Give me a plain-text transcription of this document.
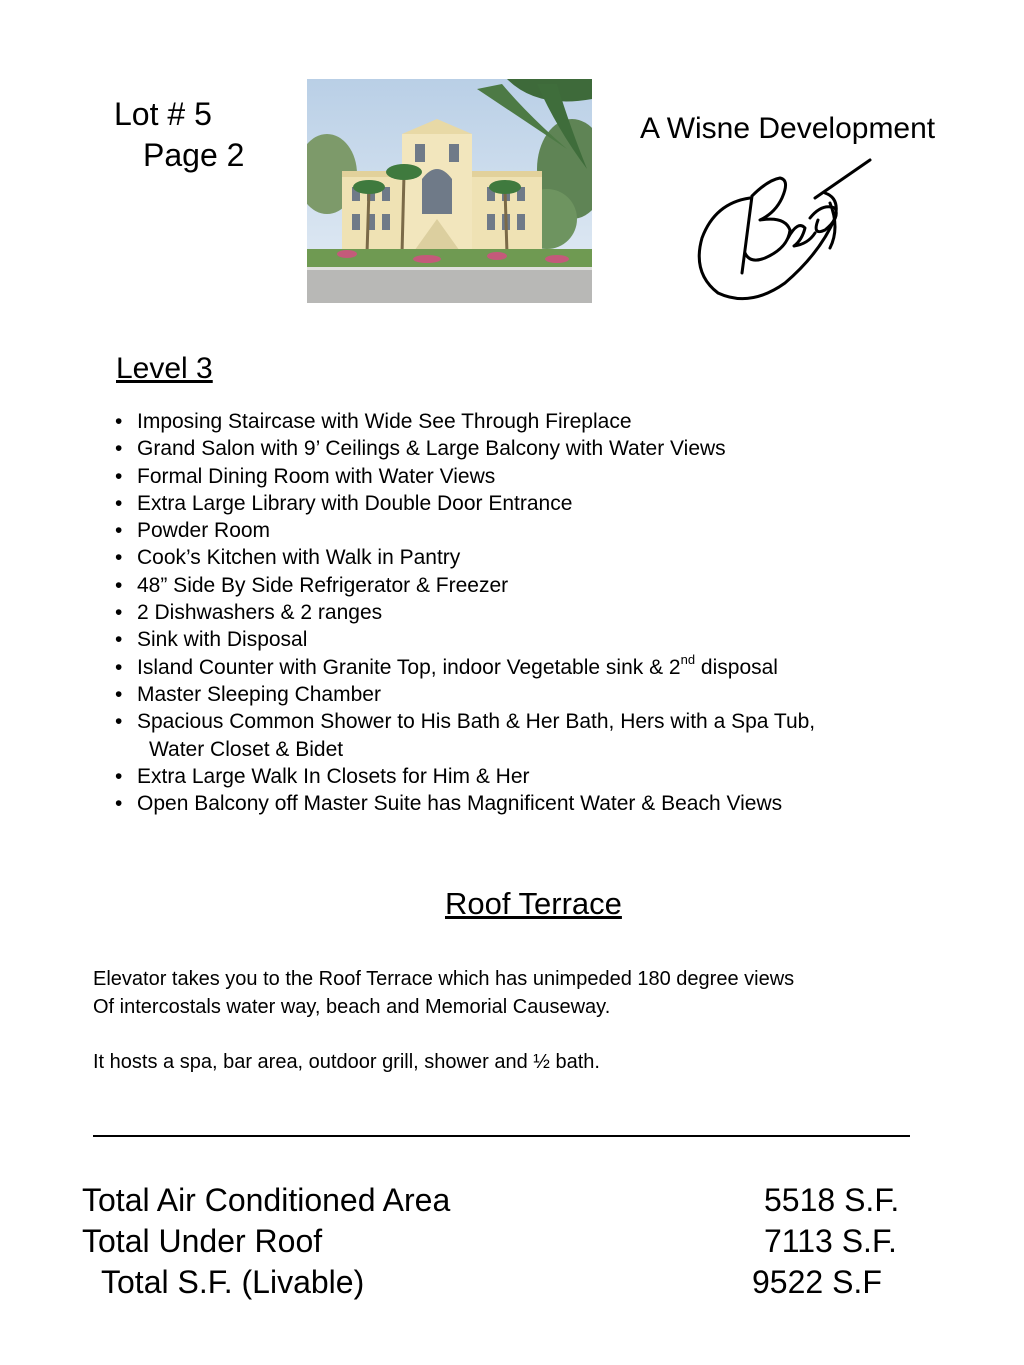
Lot # 5
Page 2
A Wisne Development
Level 3
• Imposing Staircase with Wide See Through Fireplace
• Grand Salon with 9’ Ceilings & Large Balcony with Water Views
• Formal Dining Room with Water Views
• Extra Large Library with Double Door Entrance
• Powder Room
• Cook’s Kitchen with Walk in Pantry
• 48” Side By Side Refrigerator & Freezer
• 2 Dishwashers & 2 ranges
• Sink with Disposal
• Island Counter with Granite Top, indoor Vegetable sink & 2nd disposal
• Master Sleeping Chamber
• Spacious Common Shower to His Bath & Her Bath, Hers with a Spa Tub,
Water Closet & Bidet
• Extra Large Walk In Closets for Him & Her
• Open Balcony off Master Suite has Magnificent Water & Beach Views
Roof Terrace

Elevator takes you to the Roof Terrace which has unimpeded 180 degree views

Of intercostals water way, beach and Memorial Causeway.

It hosts a spa, bar area, outdoor grill, shower and ½ bath.

Total Air Conditioned Area	5518 S.F.
Total Under Roof	7113 S.F.
Total S.F. (Livable)	9522 S.F
